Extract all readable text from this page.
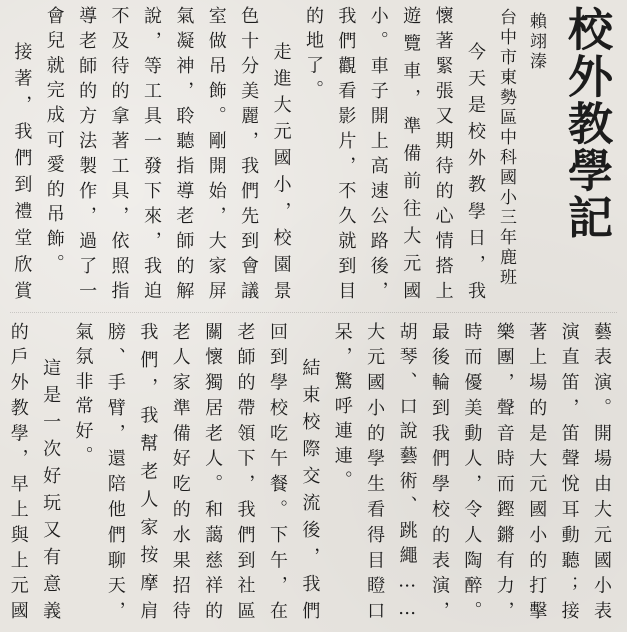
校外教學記
賴翊溱
台中市東勢區中科國小三年鹿班
今天是校外教學日，我懷著緊張又期待的心情搭上遊覽車，準備前往大元國小。車子開上高速公路後，我們觀看影片，不久就到目的地了。
走進大元國小，校園景色十分美麗，我們先到會議室做吊飾。剛開始，大家屏氣凝神，聆聽指導老師的解說，等工具一發下來，我迫不及待的拿著工具，依照指導老師的方法製作，過了一會兒就完成可愛的吊飾。
接著，我們到禮堂欣賞
藝表演。開場由大元國小表演直笛，笛聲悅耳動聽；接著上場的是大元國小的打擊樂團，聲音時而鏗鏘有力，時而優美動人，令人陶醉。最後輪到我們學校的表演，胡琴、口說藝術、跳繩……大元國小的學生看得目瞪口呆，驚呼連連。
結束校際交流後，我們回到學校吃午餐。下午，在老師的帶領下，我們到社區關懷獨居老人。和藹慈祥的老人家準備好吃的水果招待我們，我幫老人家按摩肩膀、手臂，還陪他們聊天，氣氛非常好。
這是一次好玩又有意義的戶外教學，早上與上元國
